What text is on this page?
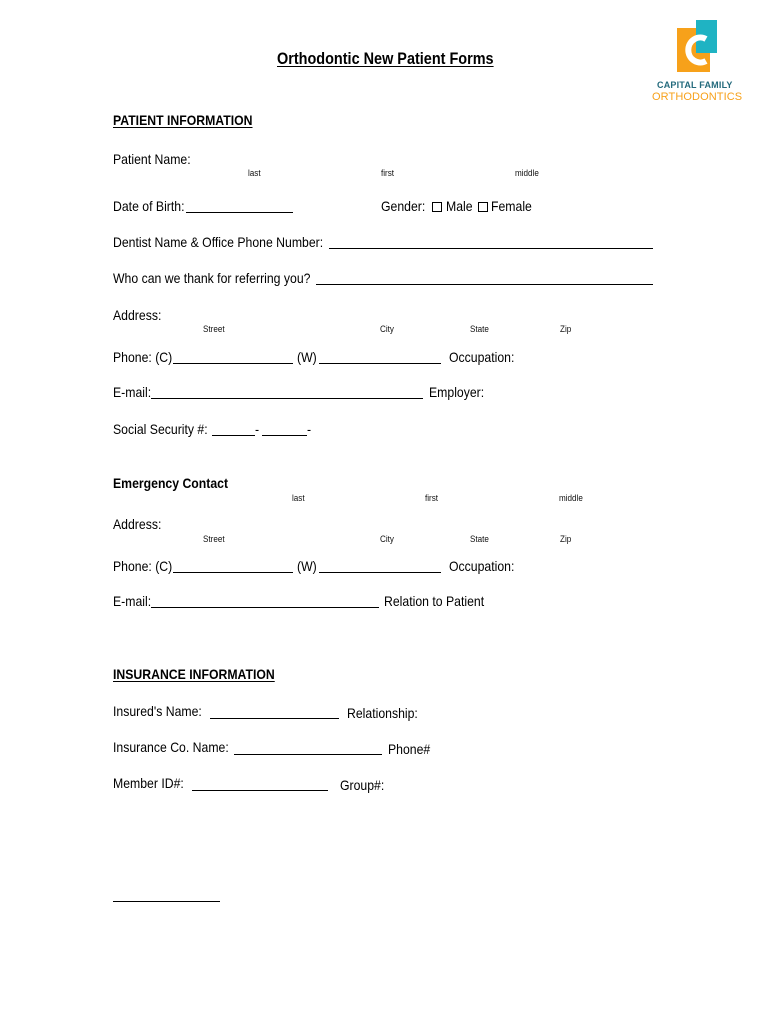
Orthodontic New Patient Forms
CAPITAL FAMILY
ORTHODONTICS
PATIENT INFORMATION
Patient Name:
last	first	middle
Date of Birth:	Gender: Male Female
Dentist Name & Office Phone Number:
Who can we thank for referring you?
Address:
Street	City	State	Zip
Phone: (C)	(W)	Occupation:
E-mail:	Employer:
Social Security #:	-	-
Emergency Contact
last	first	middle
Address:
Street	City	State	Zip
Phone: (C)	(W)	Occupation:
E-mail:	Relation to Patient
INSURANCE INFORMATION
Insured's Name:	Relationship:
Insurance Co. Name:	Phone#
Member ID#:	Group#:
